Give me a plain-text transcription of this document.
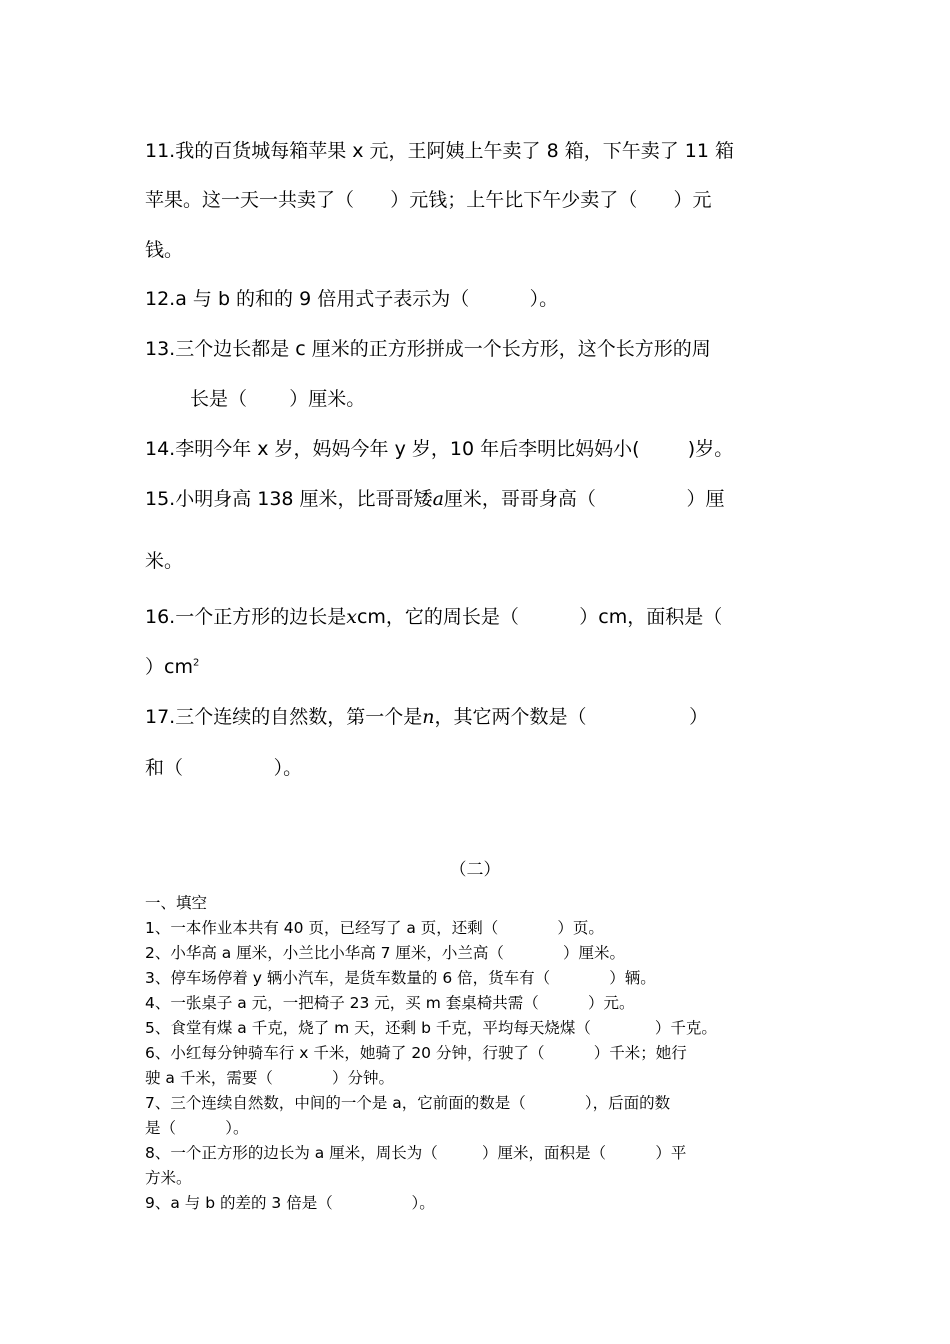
11.我的百货城每箱苹果 x 元，王阿姨上午卖了 8 箱，下午卖了 11 箱
苹果。这一天一共卖了（      ）元钱；上午比下午少卖了（      ）元
钱。
12.a 与 b 的和的 9 倍用式子表示为（          ）。
13.三个边长都是 c 厘米的正方形拼成一个长方形，这个长方形的周
长是（       ）厘米。
14.李明今年 x 岁，妈妈今年 y 岁，10 年后李明比妈妈小(        )岁。
15.小明身高 138 厘米，比哥哥矮a厘米，哥哥身高（               ）厘
米。
16.一个正方形的边长是xcm，它的周长是（          ）cm，面积是（
）$cm^2$
17.三个连续的自然数，第一个是n，其它两个数是（                 ）
和（               ）。
（二）
一、填空
1、一本作业本共有 40 页，已经写了 a 页，还剩（            ）页。
2、小华高 a 厘米，小兰比小华高 7 厘米，小兰高（            ）厘米。
3、停车场停着 y 辆小汽车，是货车数量的 6 倍，货车有（            ）辆。
4、一张桌子 a 元，一把椅子 23 元，买 m 套桌椅共需（          ）元。
5、食堂有煤 a 千克，烧了 m 天，还剩 b 千克，平均每天烧煤（             ）千克。
6、小红每分钟骑车行 x 千米，她骑了 20 分钟，行驶了（          ）千米；她行
驶 a 千米，需要（            ）分钟。
7、三个连续自然数，中间的一个是 a，它前面的数是（            ），后面的数
是（          ）。
8、一个正方形的边长为 a 厘米，周长为（         ）厘米，面积是（          ）平
方米。
9、a 与 b 的差的 3 倍是（                ）。
